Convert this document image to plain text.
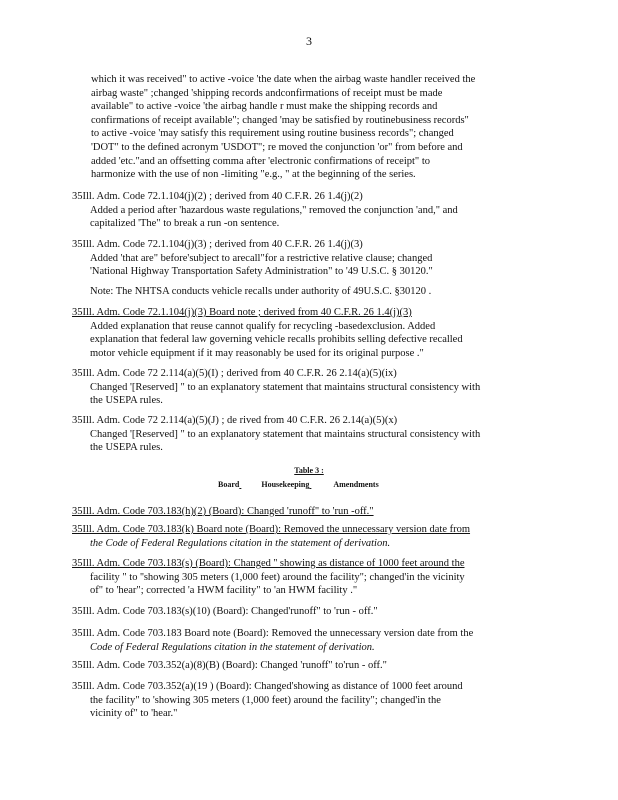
3
which it was received" to active -voice 'the date when the airbag waste handler received the
airbag waste" ;changed 'shipping records andconfirmations of receipt must be made
available" to active -voice 'the airbag handle r must make the shipping records and
confirmations of receipt available"; changed 'may be satisfied by routinebusiness records"
to active -voice 'may satisfy this requirement using routine business records"; changed
'DOT" to the defined acronym 'USDOT"; re moved the conjunction 'or" from before and
added 'etc."and an offsetting comma after 'electronic confirmations of receipt" to
harmonize with the use of non -limiting "e.g., " at the beginning of the series.
35Ill. Adm. Code 72.1.104(j)(2) ; derived from 40 C.F.R. 26 1.4(j)(2)
Added a period after 'hazardous waste regulations," removed the conjunction 'and," and
capitalized 'The" to break a run -on sentence.
35Ill. Adm. Code 72.1.104(j)(3) ; derived from 40 C.F.R. 26 1.4(j)(3)
Added 'that are" before'subject to arecall"for a restrictive relative clause; changed
'National Highway Transportation Safety Administration" to '49 U.S.C. § 30120."
Note: The NHTSA conducts vehicle recalls under authority of 49U.S.C. §30120 .
35Ill. Adm. Code 72.1.104(j)(3) Board note ; derived from 40 C.F.R. 26 1.4(j)(3)
Added explanation that reuse cannot qualify for recycling -basedexclusion. Added
explanation that federal law governing vehicle recalls prohibits selling defective recalled
motor vehicle equipment if it may reasonably be used for its original purpose ."
35Ill. Adm. Code 72 2.114(a)(5)(I) ; derived from 40 C.F.R. 26 2.14(a)(5)(ix)
Changed '[Reserved] " to an explanatory statement that maintains structural consistency with
the USEPA rules.
35Ill. Adm. Code 72 2.114(a)(5)(J) ; de rived from 40 C.F.R. 26 2.14(a)(5)(x)
Changed '[Reserved] " to an explanatory statement that maintains structural consistency with
the USEPA rules.
Table 3 :
Board	Housekeeping	Amendments
35Ill. Adm. Code 703.183(h)(2) (Board): Changed 'runoff" to 'run -off."
35Ill. Adm. Code 703.183(k) Board note (Board): Removed the unnecessary version date from
the Code of Federal Regulations citation in the statement of derivation.
35Ill. Adm. Code 703.183(s) (Board): Changed '' showing as distance of 1000 feet around the
facility " to ''showing 305 meters (1,000 feet) around the facility"; changed'in the vicinity
of" to 'hear"; corrected 'a HWM facility" to 'an HWM facility ."
35Ill. Adm. Code 703.183(s)(10) (Board): Changed'runoff" to 'run - off."
35Ill. Adm. Code 703.183 Board note (Board): Removed the unnecessary version date from the
Code of Federal Regulations citation in the statement of derivation.
35Ill. Adm. Code 703.352(a)(8)(B) (Board): Changed 'runoff" to'run - off."
35Ill. Adm. Code 703.352(a)(19 ) (Board): Changed'showing as distance of 1000 feet around
the facility" to 'showing 305 meters (1,000 feet) around the facility"; changed'in the
vicinity of" to 'hear."
